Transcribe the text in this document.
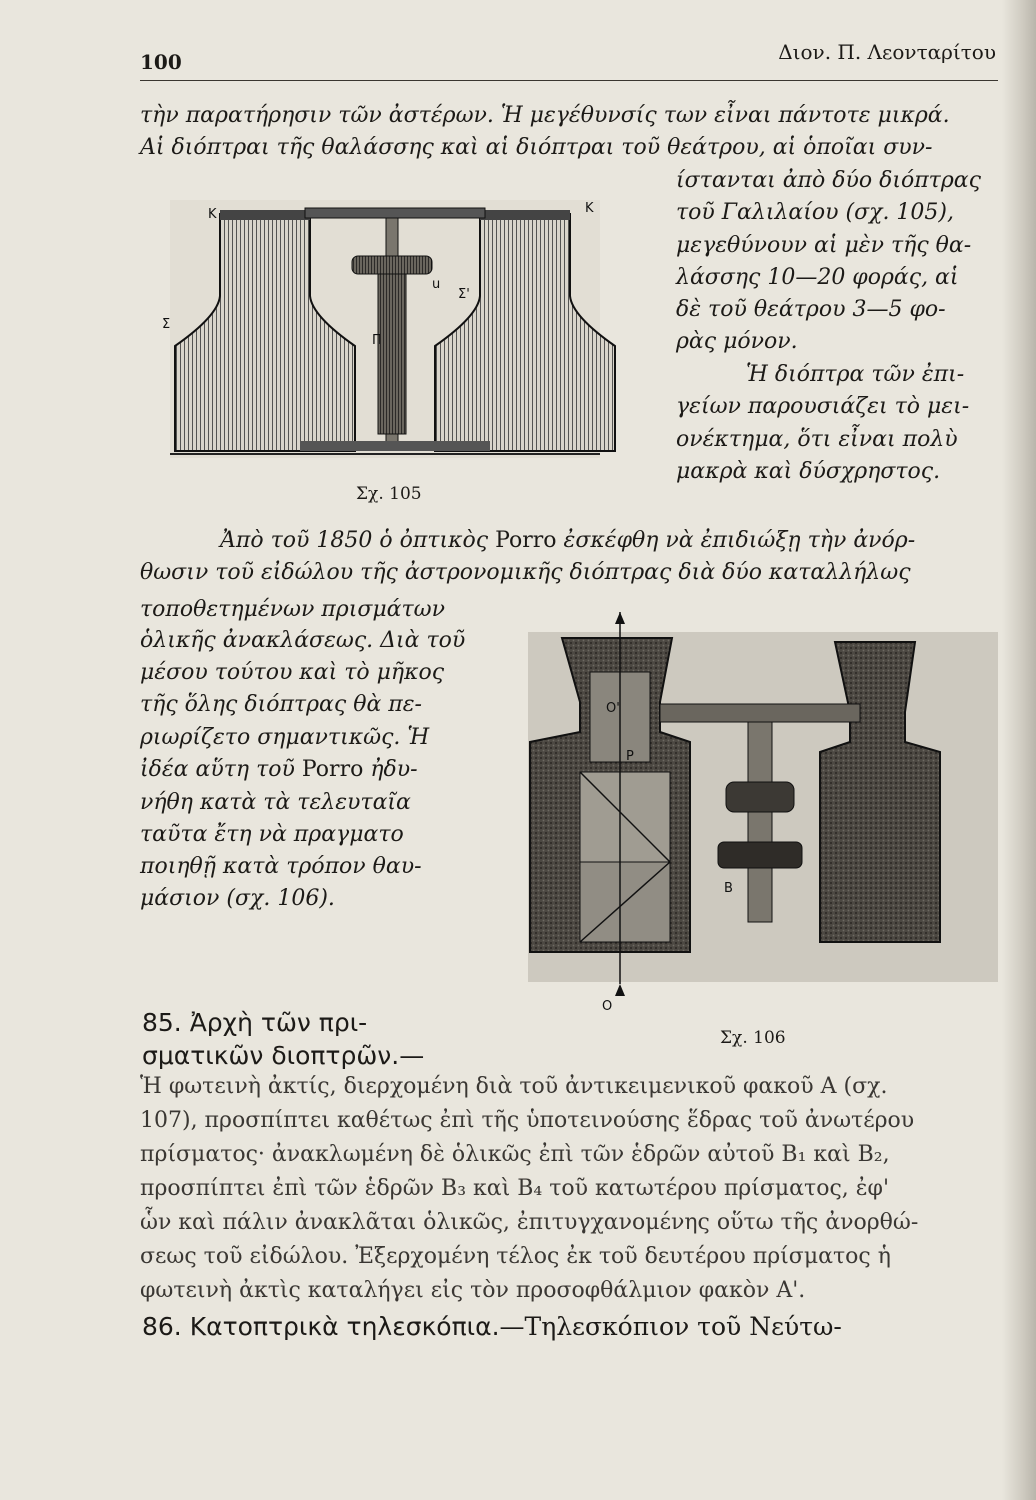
100	Διον. Π. Λεονταρίτου
τὴν παρατήρησιν τῶν ἀστέρων. Ἡ μεγέθυνσίς των εἶναι πάντοτε μικρά.
Αἱ διόπτραι τῆς θαλάσσης καὶ αἱ διόπτραι τοῦ θεάτρου, αἱ ὁποῖαι συν-
K	K
Σ
Σ'
u
Π
Σχ. 105
ίστανται ἀπὸ δύο διόπτρας
τοῦ Γαλιλαίου (σχ. 105),
μεγεθύνουν αἱ μὲν τῆς θα-
λάσσης 10—20 φοράς, αἱ
δὲ τοῦ θεάτρου 3—5 φο-
ρὰς μόνον.
Ἡ διόπτρα τῶν ἐπι-
γείων παρουσιάζει τὸ μει-
ονέκτημα, ὅτι εἶναι πολὺ
μακρὰ καὶ δύσχρηστος.
Ἀπὸ τοῦ 1850 ὁ ὀπτικὸς Porro ἐσκέφθη νὰ ἐπιδιώξῃ τὴν ἀνόρ-
θωσιν τοῦ εἰδώλου τῆς ἀστρονομικῆς διόπτρας διὰ δύο καταλλήλως
τοποθετημένων πρισμάτων
ὁλικῆς ἀνακλάσεως. Διὰ τοῦ
μέσου τούτου καὶ τὸ μῆκος
τῆς ὅλης διόπτρας θὰ πε-
ριωρίζετο σημαντικῶς. Ἡ
ἰδέα αὕτη τοῦ Porro ἠδυ-
νήθη κατὰ τὰ τελευταῖα
ταῦτα ἔτη νὰ πραγματο
ποιηθῇ κατὰ τρόπον θαυ-
μάσιον (σχ. 106).
O'
P
B
O
Σχ. 106
85. Ἀρχὴ τῶν πρι-
σματικῶν διοπτρῶν.—
Ἡ φωτεινὴ ἀκτίς, διερχομένη διὰ τοῦ ἀντικειμενικοῦ φακοῦ Α (σχ.
107), προσπίπτει καθέτως ἐπὶ τῆς ὑποτεινούσης ἕδρας τοῦ ἀνωτέρου
πρίσματος· ἀνακλωμένη δὲ ὁλικῶς ἐπὶ τῶν ἑδρῶν αὐτοῦ Β₁ καὶ Β₂,
προσπίπτει ἐπὶ τῶν ἑδρῶν Β₃ καὶ Β₄ τοῦ κατωτέρου πρίσματος, ἐφ'
ὧν καὶ πάλιν ἀνακλᾶται ὁλικῶς, ἐπιτυγχανομένης οὕτω τῆς ἀνορθώ-
σεως τοῦ εἰδώλου. Ἐξερχομένη τέλος ἐκ τοῦ δευτέρου πρίσματος ἡ
φωτεινὴ ἀκτὶς καταλήγει εἰς τὸν προσοφθάλμιον φακὸν Α'.
86. Κατοπτρικὰ τηλεσκόπια.—Τηλεσκόπιον τοῦ Νεύτω-
